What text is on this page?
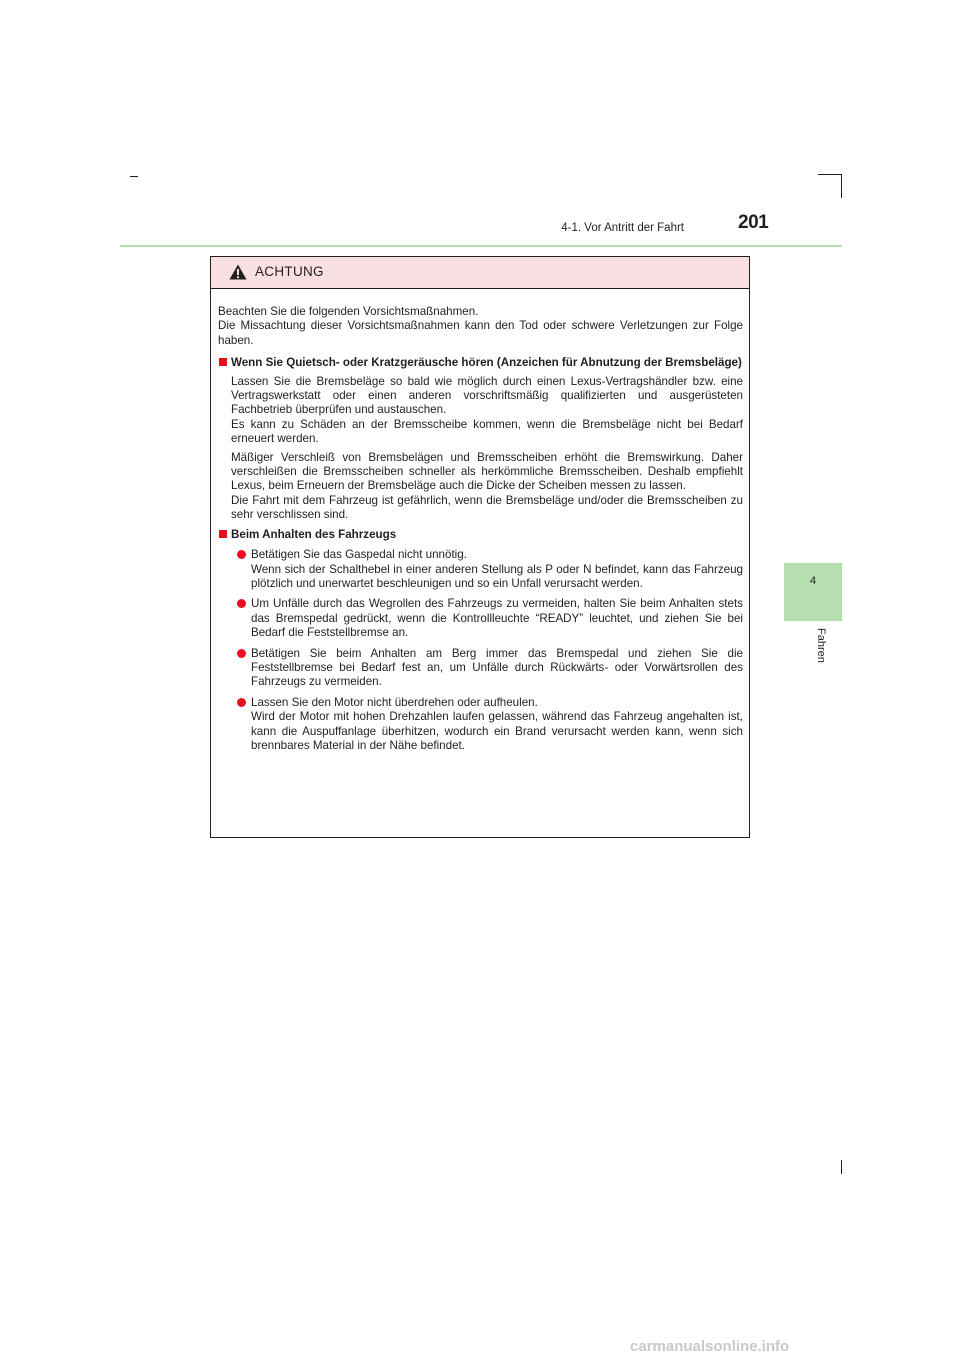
4-1. Vor Antritt der Fahrt	201
4
Fahren
ACHTUNG
Beachten Sie die folgenden Vorsichtsmaßnahmen.
Die Missachtung dieser Vorsichtsmaßnahmen kann den Tod oder schwere Verletzungen zur Folge haben.
Wenn Sie Quietsch- oder Kratzgeräusche hören (Anzeichen für Abnutzung der Bremsbeläge)
Lassen Sie die Bremsbeläge so bald wie möglich durch einen Lexus-Vertragshändler bzw. eine Vertragswerkstatt oder einen anderen vorschriftsmäßig qualifizierten und ausgerüsteten Fachbetrieb überprüfen und austauschen.
Es kann zu Schäden an der Bremsscheibe kommen, wenn die Bremsbeläge nicht bei Bedarf erneuert werden.
Mäßiger Verschleiß von Bremsbelägen und Bremsscheiben erhöht die Bremswirkung. Daher verschleißen die Bremsscheiben schneller als herkömmliche Bremsscheiben. Deshalb empfiehlt Lexus, beim Erneuern der Bremsbeläge auch die Dicke der Scheiben messen zu lassen.
Die Fahrt mit dem Fahrzeug ist gefährlich, wenn die Bremsbeläge und/oder die Bremsscheiben zu sehr verschlissen sind.
Beim Anhalten des Fahrzeugs
Betätigen Sie das Gaspedal nicht unnötig.
Wenn sich der Schalthebel in einer anderen Stellung als P oder N befindet, kann das Fahrzeug plötzlich und unerwartet beschleunigen und so ein Unfall verursacht werden.
Um Unfälle durch das Wegrollen des Fahrzeugs zu vermeiden, halten Sie beim Anhalten stets das Bremspedal gedrückt, wenn die Kontrollleuchte “READY” leuchtet, und ziehen Sie bei Bedarf die Feststellbremse an.
Betätigen Sie beim Anhalten am Berg immer das Bremspedal und ziehen Sie die Feststellbremse bei Bedarf fest an, um Unfälle durch Rückwärts- oder Vorwärtsrollen des Fahrzeugs zu vermeiden.
Lassen Sie den Motor nicht überdrehen oder aufheulen.
Wird der Motor mit hohen Drehzahlen laufen gelassen, während das Fahrzeug angehalten ist, kann die Auspuffanlage überhitzen, wodurch ein Brand verursacht werden kann, wenn sich brennbares Material in der Nähe befindet.
carmanualsonline.info
